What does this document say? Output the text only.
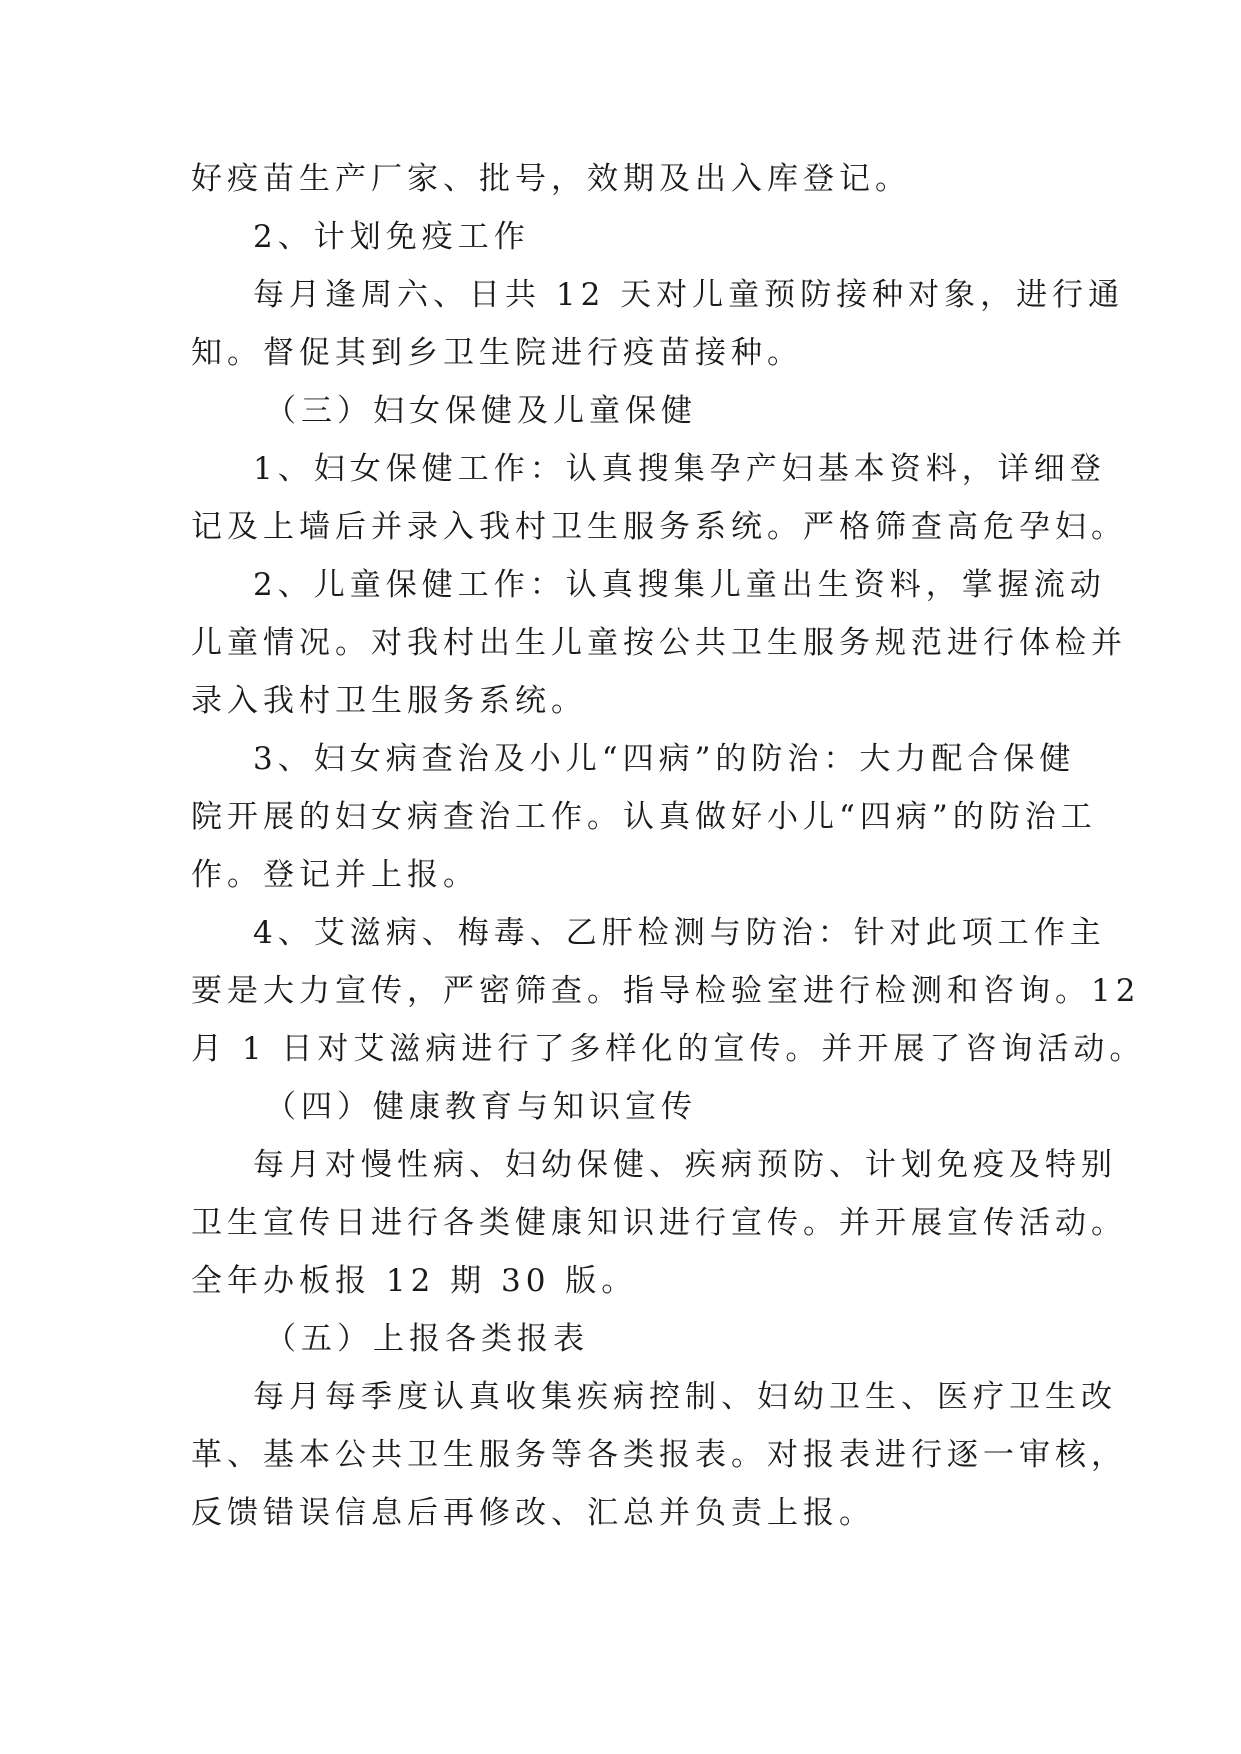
好疫苗生产厂家、批号，效期及出入库登记。
2、计划免疫工作
每月逢周六、日共 12 天对儿童预防接种对象，进行通
知。督促其到乡卫生院进行疫苗接种。
（三）妇女保健及儿童保健
1、妇女保健工作：认真搜集孕产妇基本资料，详细登
记及上墙后并录入我村卫生服务系统。严格筛查高危孕妇。
2、儿童保健工作：认真搜集儿童出生资料，掌握流动
儿童情况。对我村出生儿童按公共卫生服务规范进行体检并
录入我村卫生服务系统。
3、妇女病查治及小儿“四病”的防治：大力配合保健
院开展的妇女病查治工作。认真做好小儿“四病”的防治工
作。登记并上报。
4、艾滋病、梅毒、乙肝检测与防治：针对此项工作主
要是大力宣传，严密筛查。指导检验室进行检测和咨询。12
月 1 日对艾滋病进行了多样化的宣传。并开展了咨询活动。
（四）健康教育与知识宣传
每月对慢性病、妇幼保健、疾病预防、计划免疫及特别
卫生宣传日进行各类健康知识进行宣传。并开展宣传活动。
全年办板报 12 期 30 版。
（五）上报各类报表
每月每季度认真收集疾病控制、妇幼卫生、医疗卫生改
革、基本公共卫生服务等各类报表。对报表进行逐一审核，
反馈错误信息后再修改、汇总并负责上报。
